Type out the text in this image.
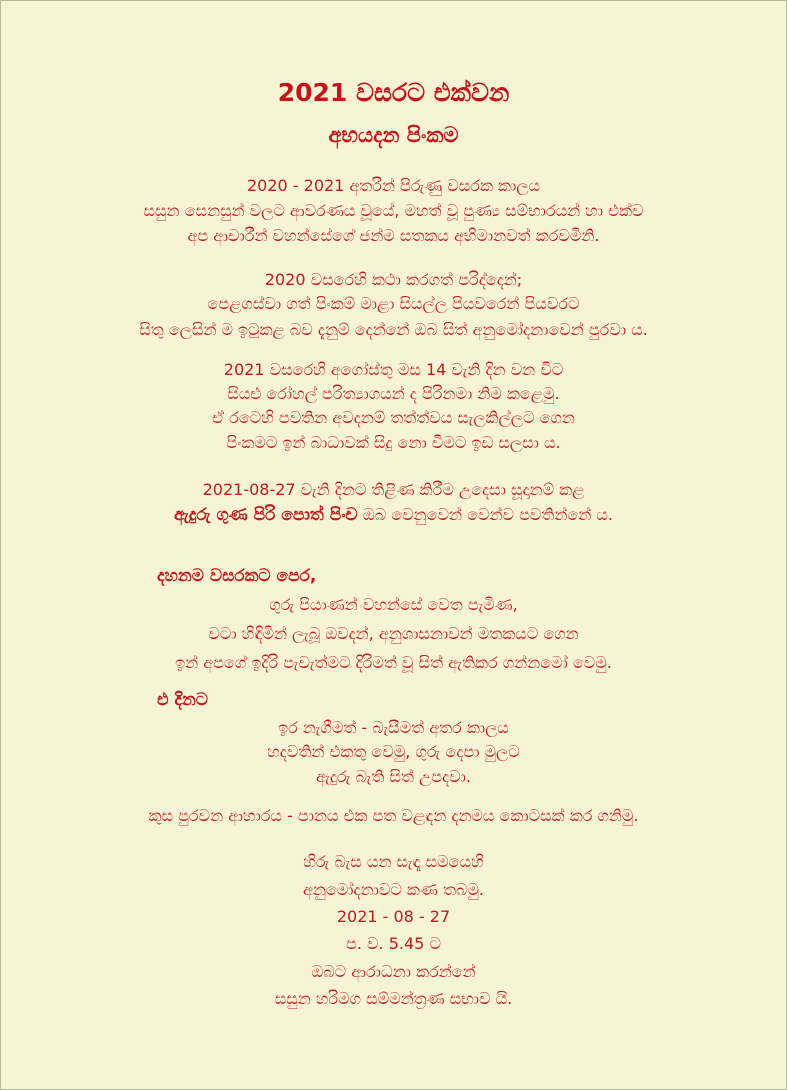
2021 වසරට එක්වන
අභයදන පිංකම
2020 - 2021 අතරින් පිරුණු වසරක කාලය
සසුන සෙනසුන් වලට ආවරණය වූයේ, මහත් වූ පුණ්‍ය සම්භාරයන් හා එක්ව
අප ආචාරීන් වහන්සේගේ ජන්ම සතකය අභිමානවත් කරවමිනි.
2020 වසරෙහි කථා කරගත් පරිද්දෙන්;
පෙළගස්වා ගත් පිංකම් මාළා සියල්ල පියවරෙන් පියවරට
සිතු ලෙසින් ම ඉටුකළ බව දැනුම් දෙන්නේ ඔබ සිත් අනුමෝදනාවෙන් පුරවා ය.
2021 වසරෙහි අගෝස්තු මස 14 වැනි දින වන විට
සියළු රෝහල් පරිත්‍යාගයන් ද පිරිනමා නිම කළෙමු.
ඒ රටෙහි පවතින අවදනම් තත්ත්වය සැලකිල්ලට ගෙන
පිංකමට ඉන් බාධාවක් සිදු නො වීමට ඉඩ සලසා ය.
2021-08-27 වැනි දිනට තිළිණ කිරීම උදෙසා සූදානම් කළ
ඇදුරු ගුණ පිරි පොත් පිංච ඔබ වෙනුවෙන් වෙන්ව පවතින්නේ ය.
දහනම වසරකට පෙර,
ගුරු පියාණන් වහන්සේ වෙත පැමිණ,
වටා හිඳිමින් ලැබූ ඔවදන්, අනුශාසනාවන් මතකයට ගෙන
ඉන් අපගේ ඉදිරි පැවැත්මට දිරිමත් වූ සිත් ඇතිකර ගන්නමෝ වෙමු.
එ දිනට
ඉර නැගීමත් - බැසීමත් අතර කාලය
හදවතින් එකතු වෙමු, ගුරු දෙපා මුලට
ඇදුරු බැති සිත් උපදවා.
කුස පුරවන ආහාරය - පානය එක පත වළඳන දනමය කොටසක් කර ගනිමු.
හිරු බැස යන සැඳෑ සමයෙහි
අනුමෝදනාවට කණ තබමු.
2021 - 08 - 27
ප. ව. 5.45 ට
ඔබට ආරාධනා කරන්නේ
සසුන හරිමග සම්මන්ත්‍රණ සභාව යි.
